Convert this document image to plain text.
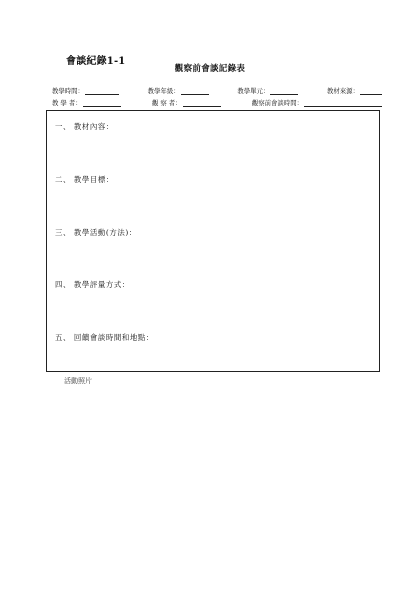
會談紀錄1-1
觀察前會談記錄表
教學時間：	教學年級：	教學單元：	教材來源：
教 學 者：	觀 察 者：	觀察前會談時間：
一、 教材內容：
二、 教學目標：
三、 教學活動(方法)：
四、 教學評量方式：
五、 回饋會談時間和地點：
活動照片
